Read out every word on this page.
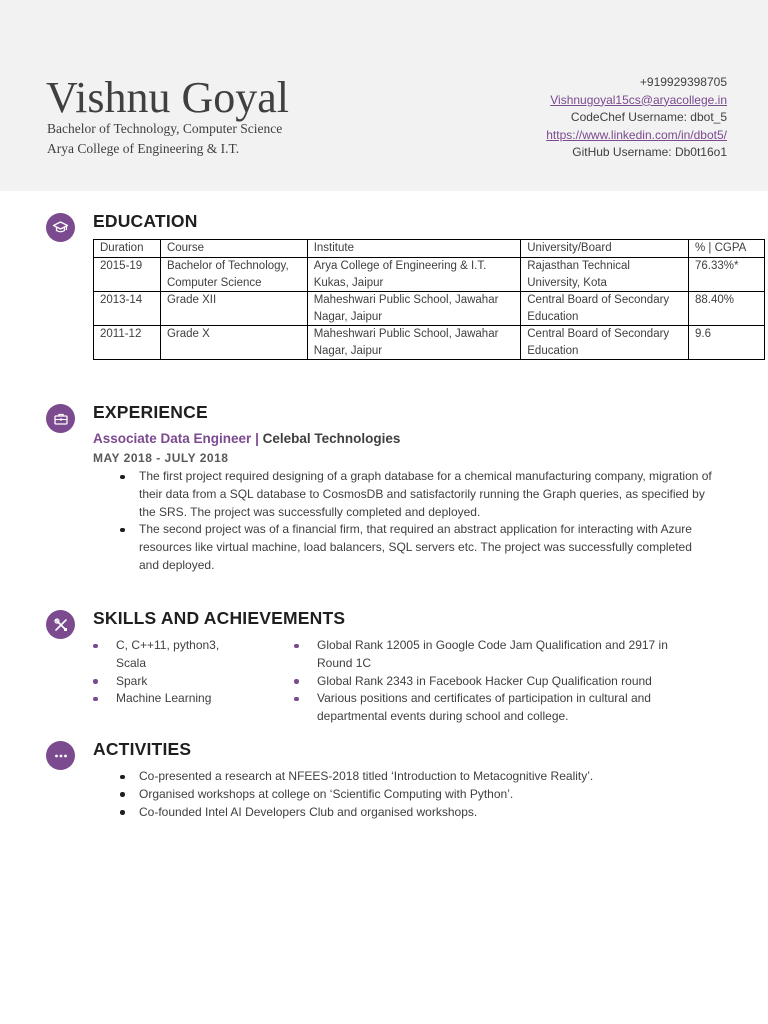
Vishnu Goyal
Bachelor of Technology, Computer Science
Arya College of Engineering & I.T.
+919929398705
Vishnugoyal15cs@aryacollege.in
CodeChef Username: dbot_5
https://www.linkedin.com/in/dbot5/
GitHub Username: Db0t16o1
EDUCATION
Duration	Course	Institute	University/Board	% | CGPA
2015-19	Bachelor of Technology, Computer Science	Arya College of Engineering & I.T. Kukas, Jaipur	Rajasthan Technical University, Kota	76.33%*
2013-14	Grade XII	Maheshwari Public School, Jawahar Nagar, Jaipur	Central Board of Secondary Education	88.40%
2011-12	Grade X	Maheshwari Public School, Jawahar Nagar, Jaipur	Central Board of Secondary Education	9.6
EXPERIENCE
Associate Data Engineer | Celebal Technologies
MAY 2018 - JULY 2018
The first project required designing of a graph database for a chemical manufacturing company, migration of their data from a SQL database to CosmosDB and satisfactorily running the Graph queries, as specified by the SRS. The project was successfully completed and deployed.
The second project was of a financial firm, that required an abstract application for interacting with Azure resources like virtual machine, load balancers, SQL servers etc. The project was successfully completed and deployed.
SKILLS AND ACHIEVEMENTS
C, C++11, python3, Scala
Spark
Machine Learning
Global Rank 12005 in Google Code Jam Qualification and 2917 in Round 1C
Global Rank 2343 in Facebook Hacker Cup Qualification round
Various positions and certificates of participation in cultural and departmental events during school and college.
ACTIVITIES
Co-presented a research at NFEES-2018 titled ‘Introduction to Metacognitive Reality’.
Organised workshops at college on ‘Scientific Computing with Python’.
Co-founded Intel AI Developers Club and organised workshops.
